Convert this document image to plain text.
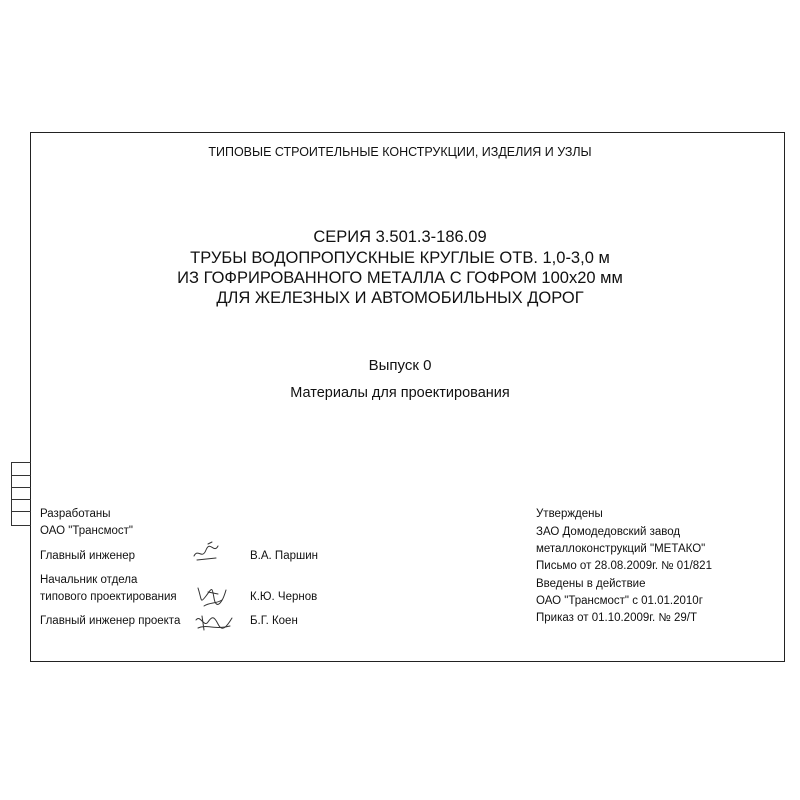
ТИПОВЫЕ СТРОИТЕЛЬНЫЕ КОНСТРУКЦИИ, ИЗДЕЛИЯ И УЗЛЫ
СЕРИЯ 3.501.3-186.09
ТРУБЫ ВОДОПРОПУСКНЫЕ КРУГЛЫЕ ОТВ. 1,0-3,0 м
ИЗ ГОФРИРОВАННОГО МЕТАЛЛА С ГОФРОМ 100х20 мм
ДЛЯ ЖЕЛЕЗНЫХ И АВТОМОБИЛЬНЫХ ДОРОГ
Выпуск 0
Материалы для проектирования
Разработаны
ОАО "Трансмост"
Главный инженер	В.А. Паршин
Начальник отдела
типового проектирования	К.Ю. Чернов
Главный инженер проекта	Б.Г. Коен
Утверждены
ЗАО Домодедовский завод
металлоконструкций "МЕТАКО"
Письмо от 28.08.2009г. № 01/821
Введены в действие
ОАО "Трансмост" с 01.01.2010г
Приказ от 01.10.2009г. № 29/Т
